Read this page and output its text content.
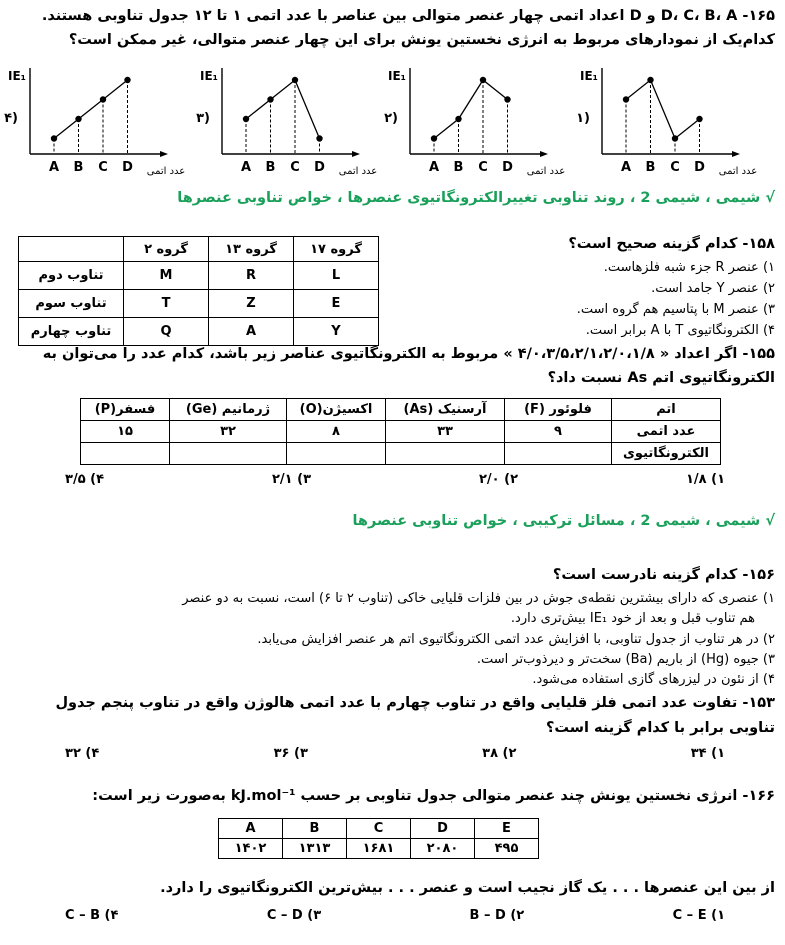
۱۶۵- D، C، B، A و D اعداد اتمی چهار عنصر متوالی بین عناصر با عدد اتمی ۱ تا ۱۲ جدول تناوبی هستند.
کدام‌یک از نمودارهای مربوط به انرژی نخستین یونش برای این چهار عنصر متوالی، غیر ممکن است؟
IE₁
عدد اتمی
۱)
A B C D
IE₁
عدد اتمی
۲)
A B C D
IE₁
عدد اتمی
۳)
A B C D
IE₁
عدد اتمی
۴)
A B C D
√ شیمی ، شیمی 2 ، روند تناوبی تغییرالکترونگاتیوی عنصرها ، خواص تناوبی عنصرها
گروه ۱۷	گروه ۱۳	گروه ۲	
L	R	M	تناوب دوم
E	Z	T	تناوب سوم
Y	A	Q	تناوب چهارم
۱۵۸- کدام گزینه صحیح است؟
۱) عنصر R جزء شبه فلزهاست.
۲) عنصر Y جامد است.
۳) عنصر M با پتاسیم هم گروه است.
۴) الکترونگاتیوی T با A برابر است.
۱۵۵- اگر اعداد « ۴/۰،۳/۵،۲/۱،۲/۰،۱/۸ » مربوط به الکترونگاتیوی عناصر زیر باشد، کدام عدد را می‌توان به
الکترونگاتیوی اتم As نسبت داد؟
اتم	فلوئور (F)	آرسنیک (As)	اکسیژن(O)	ژرمانیم (Ge)	فسفر(P)
عدد اتمی	۹	۳۳	۸	۳۲	۱۵
الکترونگاتیوی					
۱) ۱/۸
۲) ۲/۰
۳) ۲/۱
۴) ۳/۵
√ شیمی ، شیمی 2 ، مسائل ترکیبی ، خواص تناوبی عنصرها
۱۵۶- کدام گزینه نادرست است؟
۱) عنصری که دارای بیشترین نقطه‌ی جوش در بین فلزات قلیایی خاکی (تناوب ۲ تا ۶) است، نسبت به دو عنصر
هم تناوب قبل و بعد از خود IE₁ بیش‌تری دارد.
۲) در هر تناوب از جدول تناوبی، با افزایش عدد اتمی الکترونگاتیوی اتم هر عنصر افزایش می‌یابد.
۳) جیوه (Hg) از باریم (Ba) سخت‌تر و دیرذوب‌تر است.
۴) از نئون در لیزرهای گازی استفاده می‌شود.
۱۵۳- تفاوت عدد اتمی فلز قلیایی واقع در تناوب چهارم با عدد اتمی هالوژن واقع در تناوب پنجم جدول
تناوبی برابر با کدام گزینه است؟
۱) ۳۴
۲) ۳۸
۳) ۳۶
۴) ۳۲
۱۶۶- انرژی نخستین یونش چند عنصر متوالی جدول تناوبی بر حسب kJ.mol⁻¹ به‌صورت زیر است:
A	B	C	D	E
۱۴۰۲	۱۳۱۳	۱۶۸۱	۲۰۸۰	۴۹۵
از بین این عنصرها . . . یک گاز نجیب است و عنصر . . . بیش‌ترین الکترونگاتیوی را دارد.
۱) C – E
۲) B – D
۳) C – D
۴) C – B
